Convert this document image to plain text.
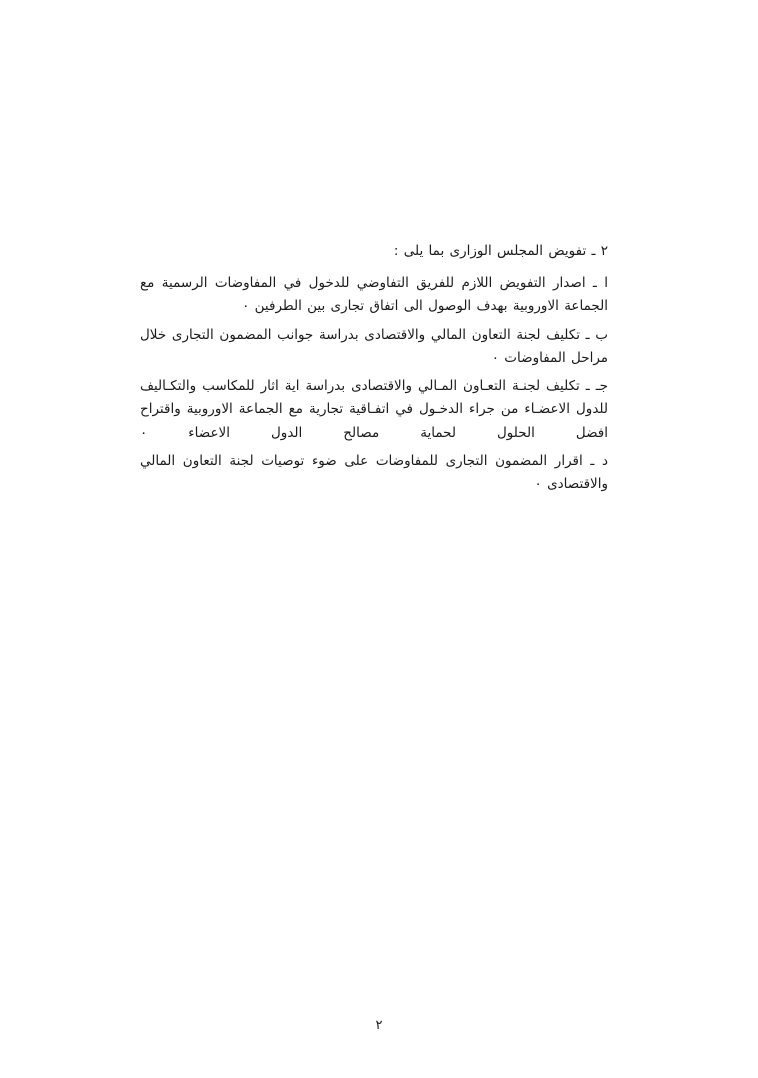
٢ ـ تفويض المجلس الوزارى بما يلى :

ا ـ اصدار التفويض اللازم للفريق التفاوضي للدخول في المفاوضات الرسمية مع الجماعة الاوروبية بهدف الوصول الى اتفاق تجارى بين الطرفين ٠

ب ـ تكليف لجنة التعاون المالي والاقتصادى بدراسة جوانب المضمون التجارى خلال مراحل المفاوضات ٠

جـ ـ تكليف لجنـة التعـاون المـالي والاقتصادى بدراسة اية اثار للمكاسب والتكـاليف للدول الاعضـاء من جراء الدخـول في اتفـاقية تجارية مع الجماعة الاوروبية واقتراح افضل الحلول لحماية مصالح الدول الاعضاء ٠

د ـ اقرار المضمون التجارى للمفاوضات على ضوء توصيات لجنة التعاون المالي والاقتصادى ٠

٢
